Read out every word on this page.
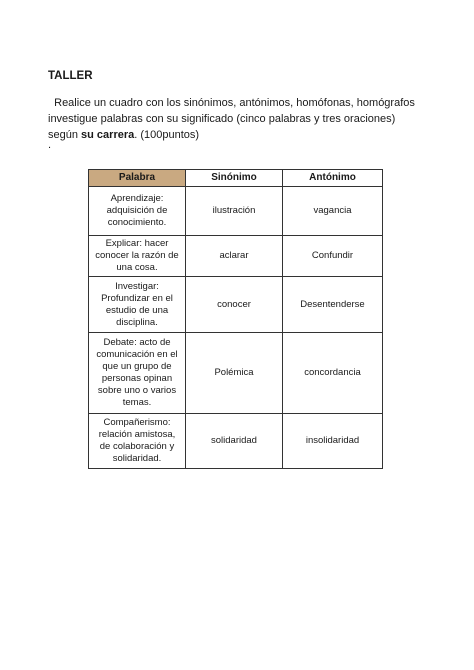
TALLER
Realice un cuadro con los sinónimos, antónimos, homófonas, homógrafos investigue palabras con su significado (cinco palabras y tres oraciones) según su carrera. (100puntos)
.
Palabra	Sinónimo	Antónimo
Aprendizaje: adquisición de conocimiento.	ilustración	vagancia
Explicar: hacer conocer la razón de una cosa.	aclarar	Confundir
Investigar: Profundizar en el estudio de una disciplina.	conocer	Desentenderse
Debate: acto de comunicación en el que un grupo de personas opinan sobre uno o varios temas.	Polémica	concordancia
Compañerismo: relación amistosa, de colaboración y solidaridad.	solidaridad	insolidaridad
